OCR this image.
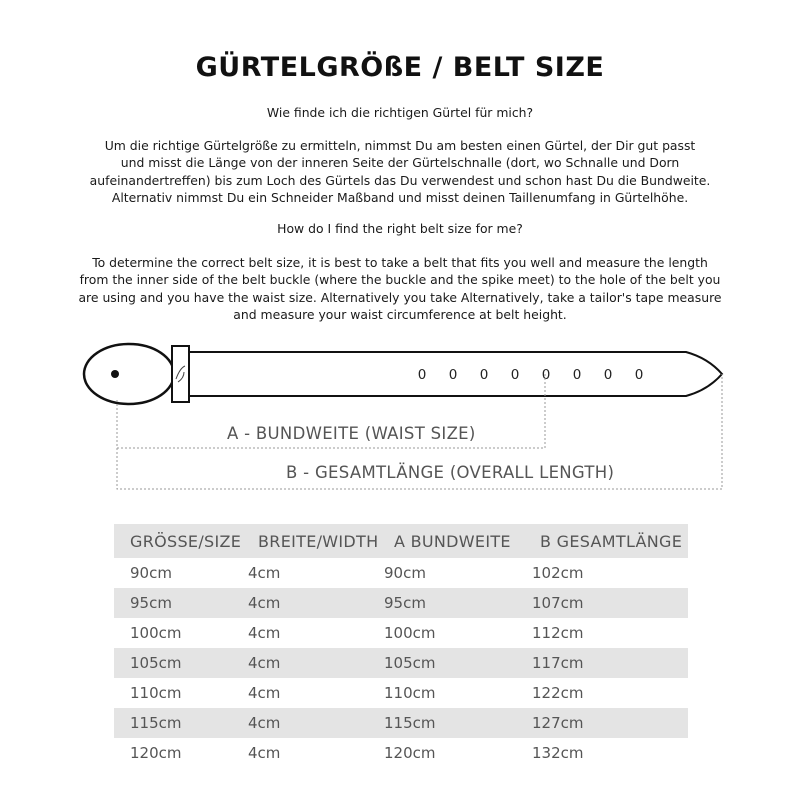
GÜRTELGRÖßE / BELT SIZE

Wie finde ich die richtigen Gürtel für mich?

Um die richtige Gürtelgröße zu ermitteln, nimmst Du am besten einen Gürtel, der Dir gut passt
und misst die Länge von der inneren Seite der Gürtelschnalle (dort, wo Schnalle und Dorn
aufeinandertreffen) bis zum Loch des Gürtels das Du verwendest und schon hast Du die Bundweite.
Alternativ nimmst Du ein Schneider Maßband und misst deinen Taillenumfang in Gürtelhöhe.

How do I find the right belt size for me?

To determine the correct belt size, it is best to take a belt that fits you well and measure the length
from the inner side of the belt buckle (where the buckle and the spike meet) to the hole of the belt you
are using and you have the waist size. Alternatively you take Alternatively, take a tailor's tape measure
and measure your waist circumference at belt height.

0 0 0 0 0 0 0 0
A - BUNDWEITE (WAIST SIZE)
B - GESAMTLÄNGE (OVERALL LENGTH)
GRÖSSE/SIZE	BREITE/WIDTH	A BUNDWEITE	B GESAMTLÄNGE
90cm	4cm	90cm	102cm
95cm	4cm	95cm	107cm
100cm	4cm	100cm	112cm
105cm	4cm	105cm	117cm
110cm	4cm	110cm	122cm
115cm	4cm	115cm	127cm
120cm	4cm	120cm	132cm
